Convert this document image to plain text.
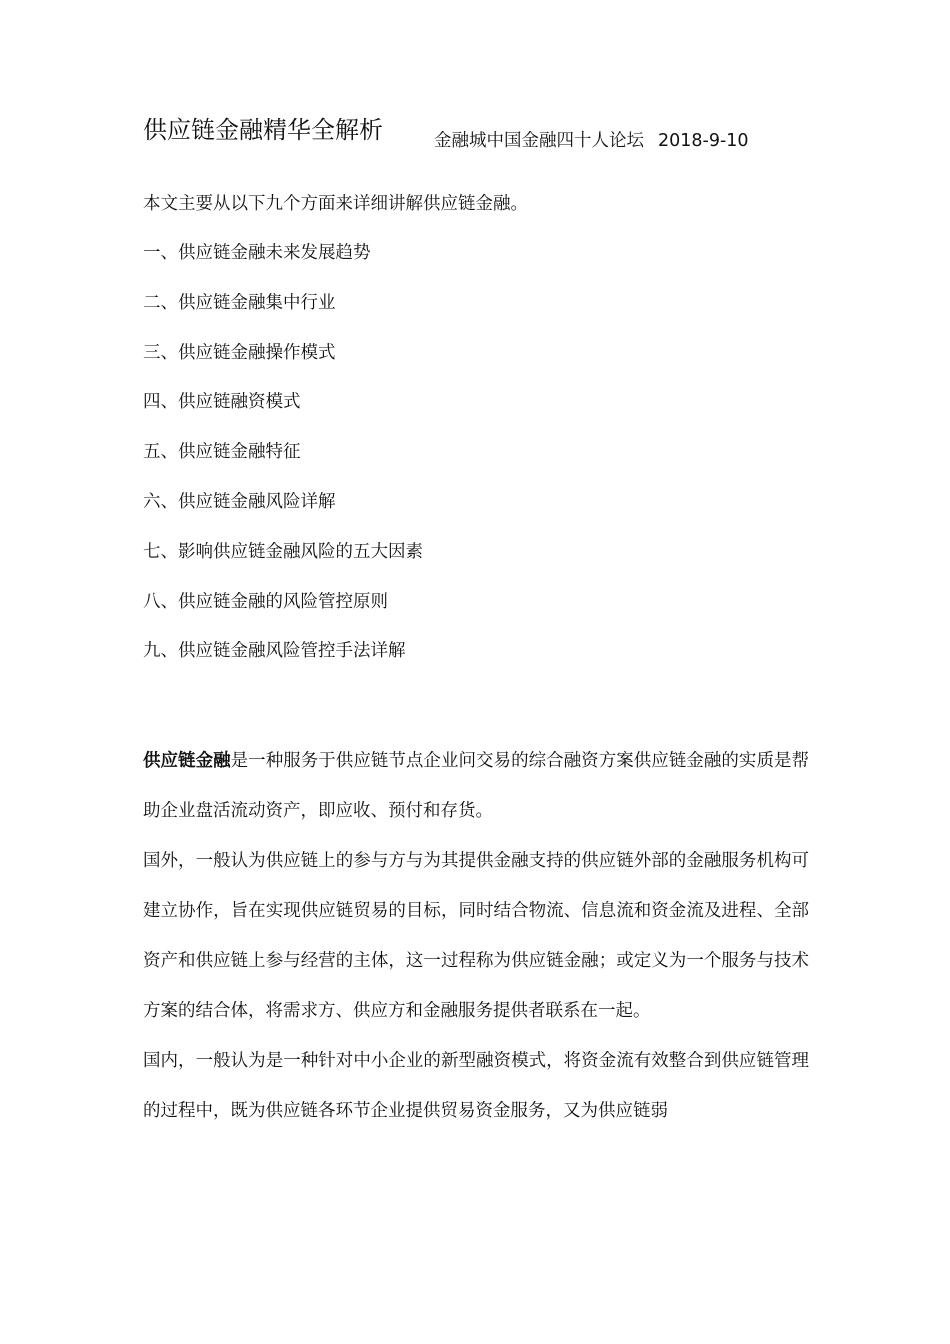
供应链金融精华全解析	金融城中国金融四十人论坛 2018-9-10

本文主要从以下九个方面来详细讲解供应链金融。

一、供应链金融未来发展趋势
二、供应链金融集中行业
三、供应链金融操作模式
四、供应链融资模式
五、供应链金融特征
六、供应链金融风险详解
七、影响供应链金融风险的五大因素
八、供应链金融的风险管控原则
九、供应链金融风险管控手法详解

供应链金融是一种服务于供应链节点企业问交易的综合融资方案供应链金融的实质是帮助企业盘活流动资产，即应收、预付和存货。

国外，一般认为供应链上的参与方与为其提供金融支持的供应链外部的金融服务机构可建立协作，旨在实现供应链贸易的目标，同时结合物流、信息流和资金流及进程、全部资产和供应链上参与经营的主体，这一过程称为供应链金融；或定义为一个服务与技术方案的结合体，将需求方、供应方和金融服务提供者联系在一起。

国内，一般认为是一种针对中小企业的新型融资模式，将资金流有效整合到供应链管理的过程中，既为供应链各环节企业提供贸易资金服务，又为供应链弱
